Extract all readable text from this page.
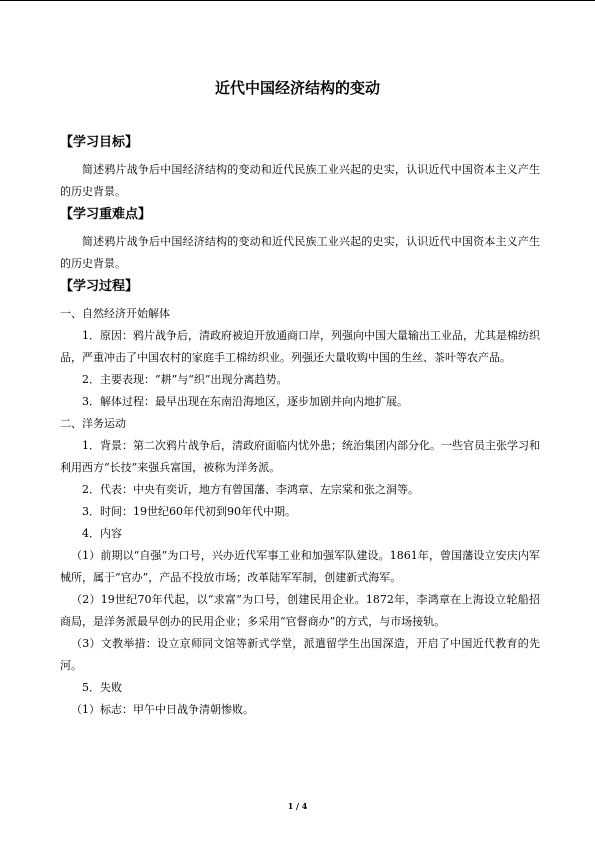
近代中国经济结构的变动
【学习目标】
简述鸦片战争后中国经济结构的变动和近代民族工业兴起的史实，认识近代中国资本主义产生的历史背景。
【学习重难点】
简述鸦片战争后中国经济结构的变动和近代民族工业兴起的史实，认识近代中国资本主义产生的历史背景。
【学习过程】
一、自然经济开始解体
1．原因：鸦片战争后，清政府被迫开放通商口岸，列强向中国大量输出工业品，尤其是棉纺织品，严重冲击了中国农村的家庭手工棉纺织业。列强还大量收购中国的生丝、茶叶等农产品。
2．主要表现：“耕”与“织”出现分离趋势。
3．解体过程：最早出现在东南沿海地区，逐步加剧并向内地扩展。
二、洋务运动
1．背景：第二次鸦片战争后，清政府面临内忧外患；统治集团内部分化。一些官员主张学习和利用西方“长技”来强兵富国，被称为洋务派。
2．代表：中央有奕䜣，地方有曾国藩、李鸿章、左宗棠和张之洞等。
3．时间：19世纪60年代初到90年代中期。
4．内容
（1）前期以“自强”为口号，兴办近代军事工业和加强军队建设。1861年，曾国藩设立安庆内军械所，属于“官办”，产品不投放市场；改革陆军军制，创建新式海军。
（2）19世纪70年代起，以“求富”为口号，创建民用企业。1872年，李鸿章在上海设立轮船招商局，是洋务派最早创办的民用企业；多采用“官督商办”的方式，与市场接轨。
（3）文教举措：设立京师同文馆等新式学堂，派遣留学生出国深造，开启了中国近代教育的先河。
5．失败
（1）标志：甲午中日战争清朝惨败。
1 / 4
